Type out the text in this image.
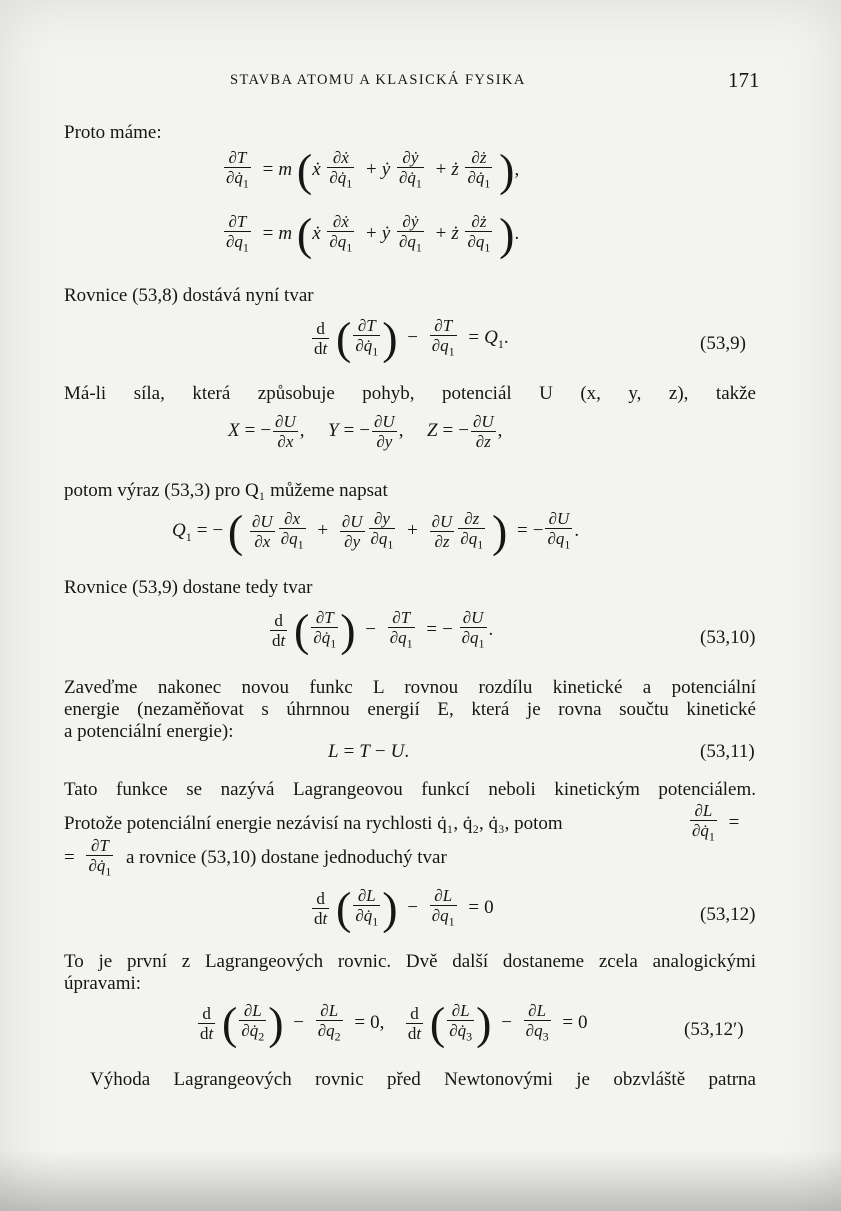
STAVBA ATOMU A KLASICKÁ FYSIKA	171
Proto máme:
$\frac{\partial T}{\partial q̇_1} = m$ (ẋ $\frac{\text{∂ẋ}}{\partial q̇_1}$ + ẏ $\frac{\text{∂ẏ}}{\partial q̇_1}$ + ż $\frac{\partial ż}{\partial q̇_1}$ ),
$\frac{\partial T}{\partial q_1} = m$ (ẋ $\frac{\text{∂ẋ}}{\partial q_1}$ + ẏ $\frac{\text{∂ẏ}}{\partial q_1}$ + ż $\frac{\partial ż}{\partial q_1}$ ).
Rovnice (53,8) dostává nyní tvar
$\frac{d}{dt}$ ( $\frac{\partial T}{\partial q̇_1}$ ) − $\frac{\partial T}{\partial q_1} = Q_1$.	(53,9)
Má-li síla, která způsobuje pohyb, potenciál U (x, y, z), takže
X = − $\frac{\partial U}{\partial x}$ ,  Y = − $\frac{\partial U}{\partial y}$ ,  Z = − $\frac{\partial U}{\partial z}$ ,
potom výraz (53,3) pro Q₁ můžeme napsat
$Q_1$ = − ( $\frac{\partial U}{\partial x} \frac{\partial x}{\partial q_1} + \frac{\partial U}{\partial y} \frac{\partial y}{\partial q_1} + \frac{\partial U}{\partial z} \frac{\partial z}{\partial q_1}$ ) = − $\frac{\partial U}{\partial q_1}$ .
Rovnice (53,9) dostane tedy tvar
$\frac{d}{dt}$ ( $\frac{\partial T}{\partial q̇_1}$ ) − $\frac{\partial T}{\partial q_1}$ = − $\frac{\partial U}{\partial q_1}$ .	(53,10)
Zaveďme nakonec novou funkc L rovnou rozdílu kinetické a potenciální
energie (nezaměňovat s úhrnnou energií E, která je rovna součtu kinetické
a potenciální energie):
L = T − U.	(53,11)
Tato funkce se nazývá Lagrangeovou funkcí neboli kinetickým potenciálem.
Protože potenciální energie nezávisí na rychlosti q̇₁, q̇₂, q̇₃, potom	$\frac{\partial L}{\partial q̇_1}$ =
= $\frac{\partial T}{\partial q̇_1}$ a rovnice (53,10) dostane jednoduchý tvar
$\frac{d}{dt}$ ( $\frac{\partial L}{\partial q̇_1}$ ) − $\frac{\partial L}{\partial q_1} = 0$	(53,12)
To je první z Lagrangeových rovnic. Dvě další dostaneme zcela analogickými
úpravami:
$\frac{d}{dt}$ ( $\frac{\partial L}{\partial q̇_2}$ ) − $\frac{\partial L}{\partial q_2} = 0$, $\frac{d}{dt}$ ( $\frac{\partial L}{\partial q̇_3}$ ) − $\frac{\partial L}{\partial q_3} = 0$	(53,12′)
Výhoda Lagrangeových rovnic před Newtonovými je obzvláště patrna
